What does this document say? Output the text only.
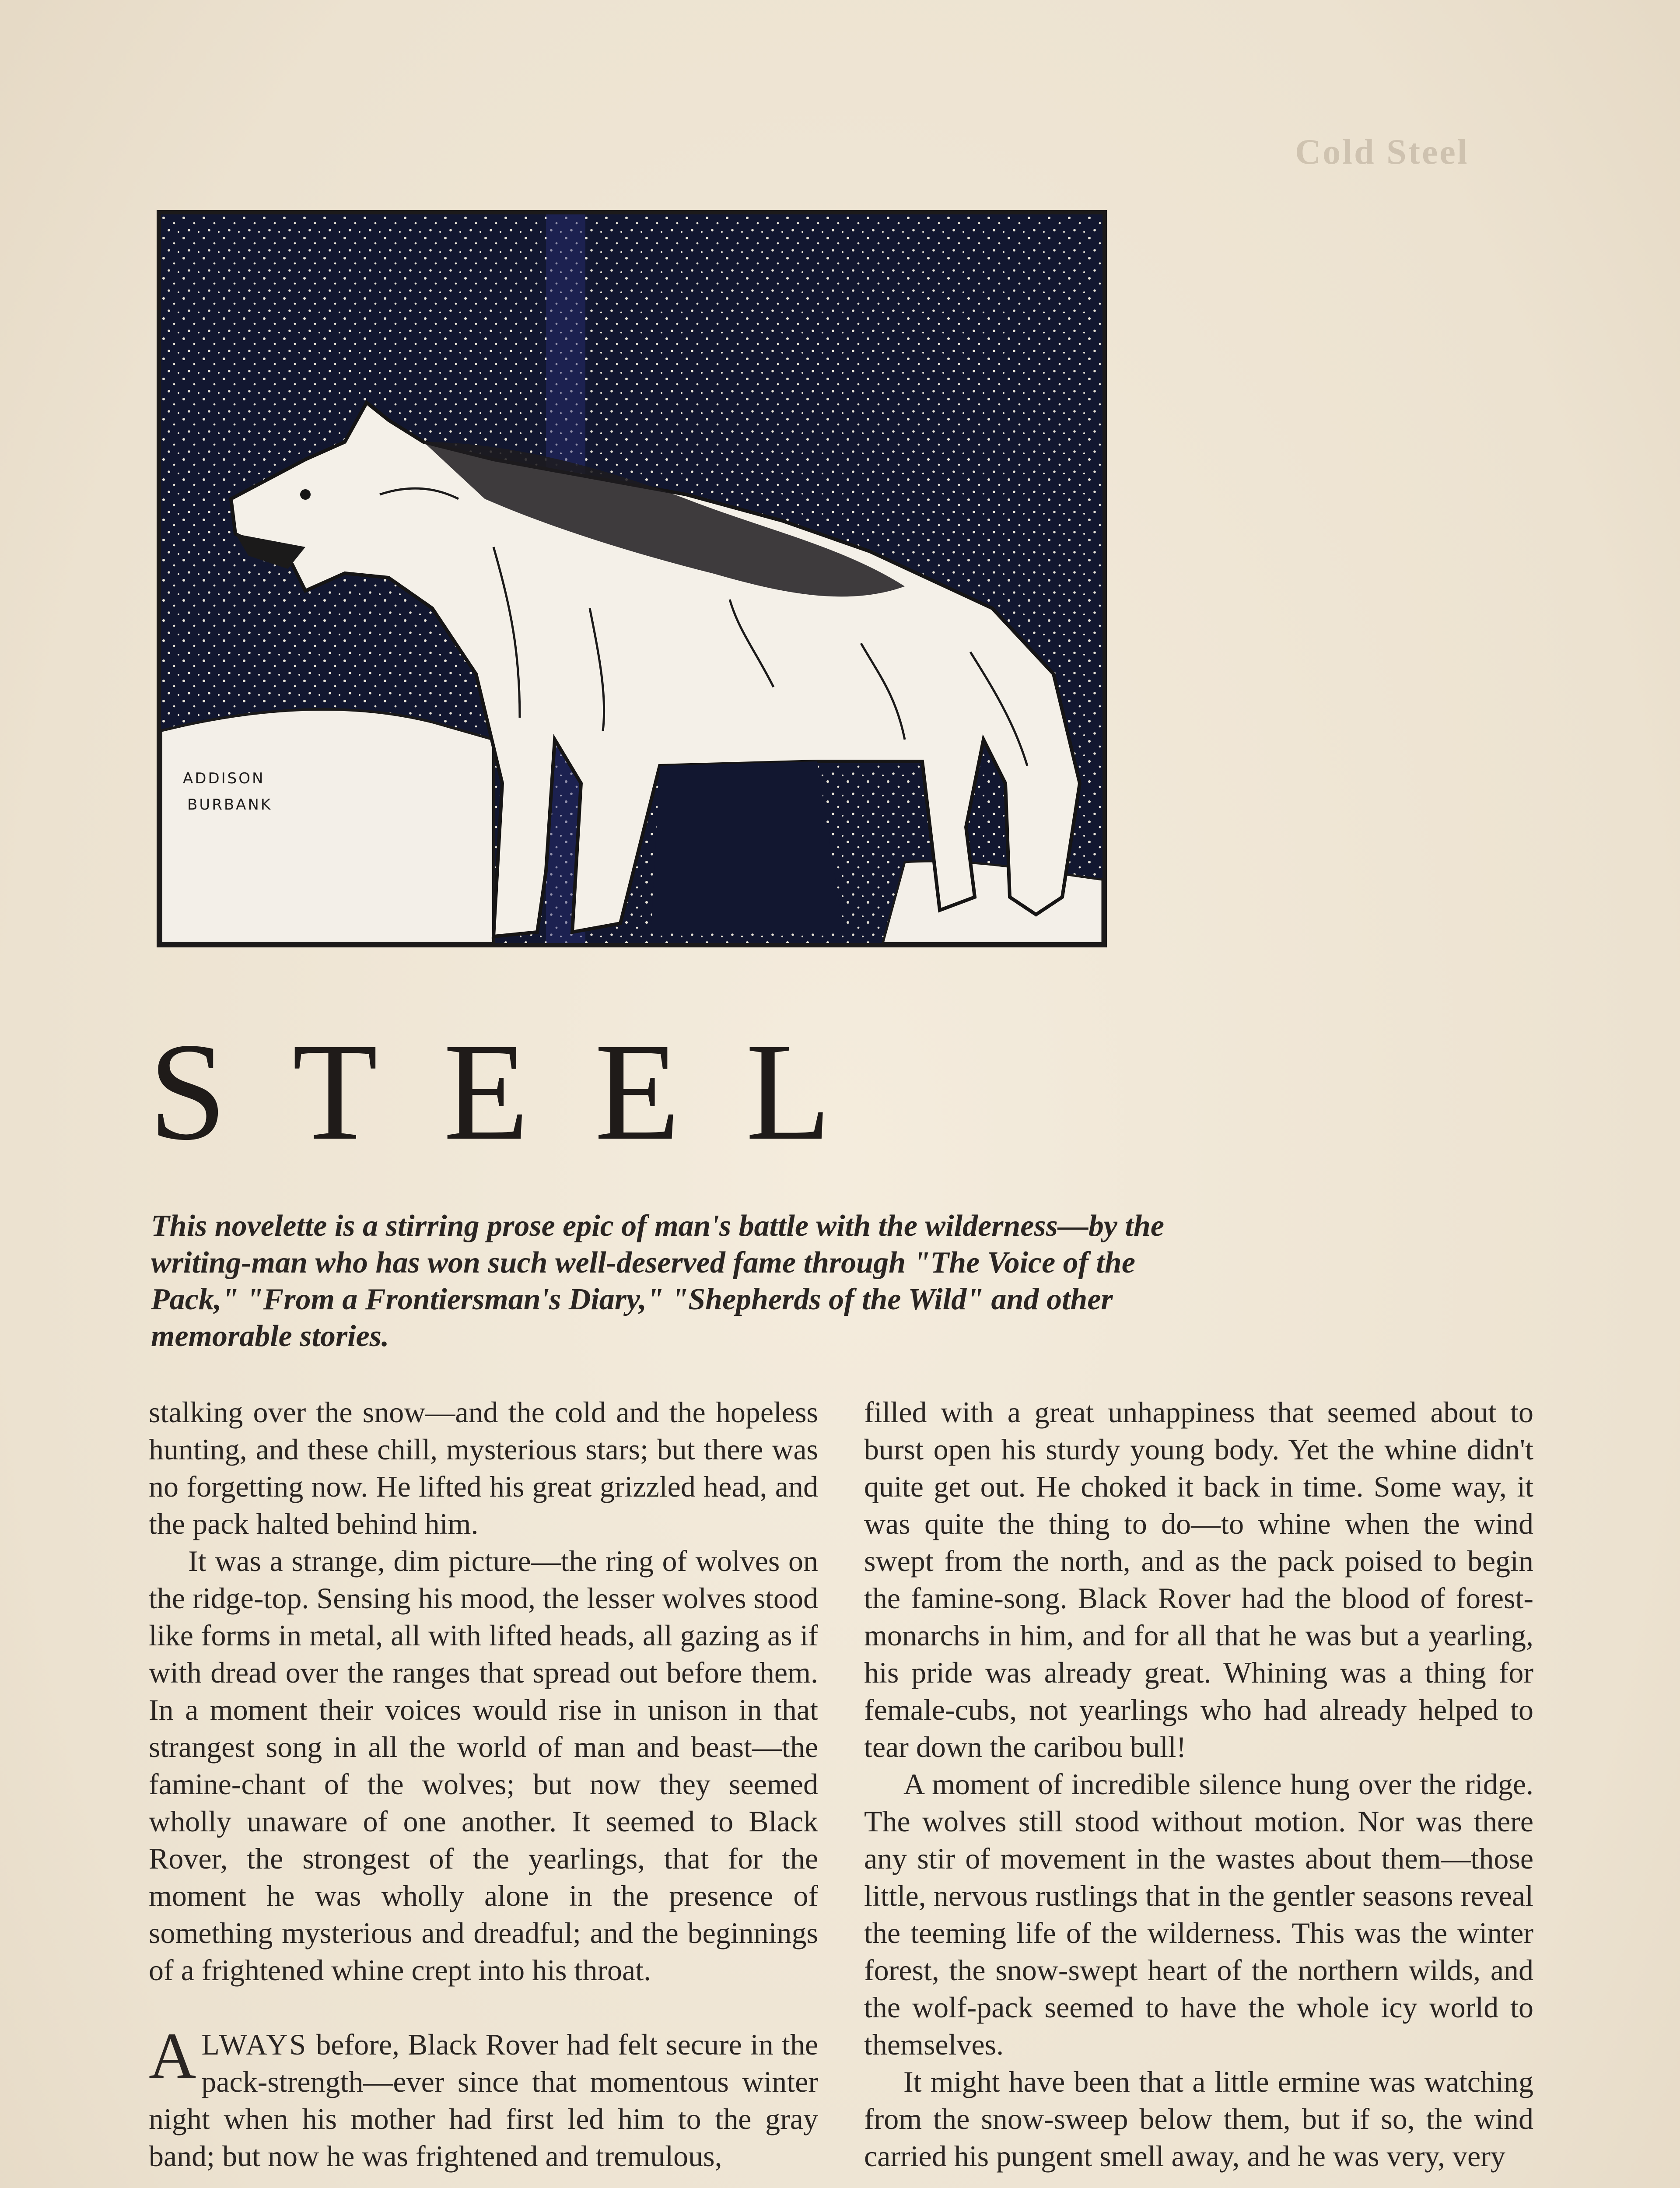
Cold Steel
ADDISON
BURBANK
STEEL

This novelette is a stirring prose epic of man's battle with the wilderness—by the writing-man who has won such well-deserved fame through "The Voice of the Pack," "From a Frontiersman's Diary," "Shepherds of the Wild" and other memorable stories.

stalking over the snow—and the cold and the hopeless hunting, and these chill, mysterious stars; but there was no forgetting now. He lifted his great grizzled head, and the pack halted behind him.

It was a strange, dim picture—the ring of wolves on the ridge-top. Sensing his mood, the lesser wolves stood like forms in metal, all with lifted heads, all gazing as if with dread over the ranges that spread out before them. In a moment their voices would rise in unison in that strangest song in all the world of man and beast—the famine-chant of the wolves; but now they seemed wholly unaware of one another. It seemed to Black Rover, the strongest of the yearlings, that for the moment he was wholly alone in the presence of something mysterious and dreadful; and the beginnings of a frightened whine crept into his throat.

ALWAYS before, Black Rover had felt secure in the pack-strength—ever since that momentous winter night when his mother had first led him to the gray band; but now he was frightened and tremulous,

filled with a great unhappiness that seemed about to burst open his sturdy young body. Yet the whine didn't quite get out. He choked it back in time. Some way, it was quite the thing to do—to whine when the wind swept from the north, and as the pack poised to begin the famine-song. Black Rover had the blood of forest-monarchs in him, and for all that he was but a yearling, his pride was already great. Whining was a thing for female-cubs, not yearlings who had already helped to tear down the caribou bull!

A moment of incredible silence hung over the ridge. The wolves still stood without motion. Nor was there any stir of movement in the wastes about them—those little, nervous rustlings that in the gentler seasons reveal the teeming life of the wilderness. This was the winter forest, the snow-swept heart of the northern wilds, and the wolf-pack seemed to have the whole icy world to themselves.

It might have been that a little ermine was watching from the snow-sweep below them, but if so, the wind carried his pungent smell away, and he was very, very
